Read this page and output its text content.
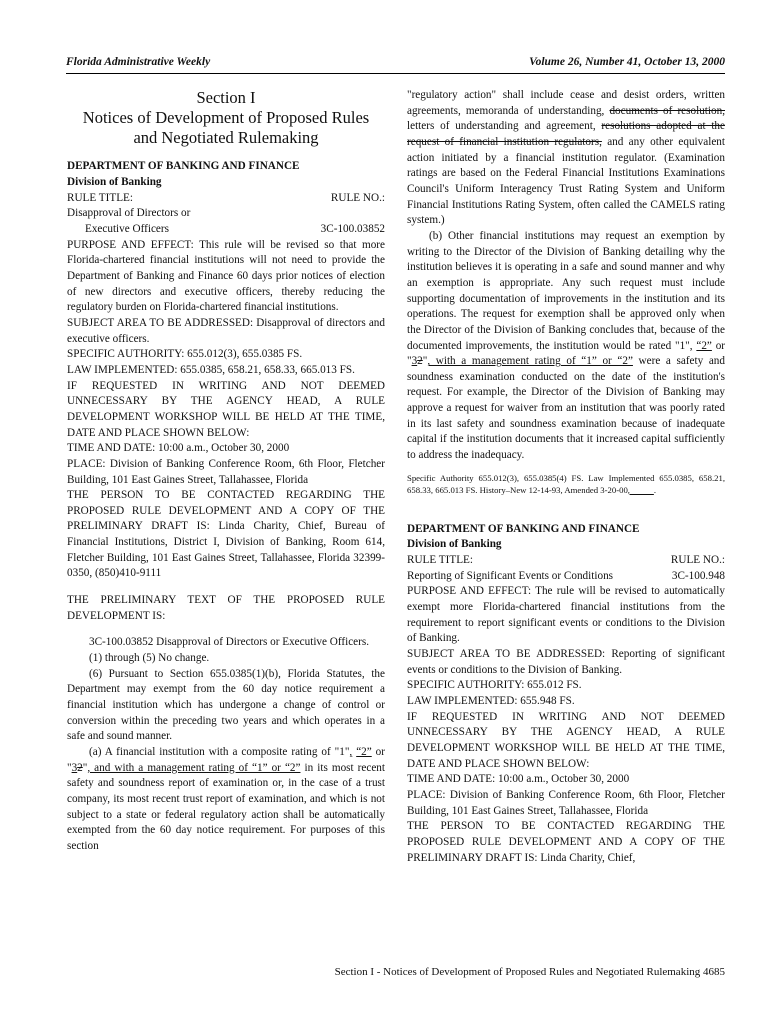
Florida Administrative Weekly	Volume 26, Number 41, October 13, 2000
Section I
Notices of Development of Proposed Rules
and Negotiated Rulemaking

DEPARTMENT OF BANKING AND FINANCE

Division of Banking

RULE TITLE:	RULE NO.:

Disapproval of Directors or

Executive Officers	3C-100.03852

PURPOSE AND EFFECT: This rule will be revised so that more Florida-chartered financial institutions will not need to provide the Department of Banking and Finance 60 days prior notices of election of new directors and executive officers, thereby reducing the regulatory burden on Florida-chartered financial institutions.

SUBJECT AREA TO BE ADDRESSED: Disapproval of directors and executive officers.

SPECIFIC AUTHORITY: 655.012(3), 655.0385 FS.

LAW IMPLEMENTED: 655.0385, 658.21, 658.33, 665.013 FS.

IF REQUESTED IN WRITING AND NOT DEEMED UNNECESSARY BY THE AGENCY HEAD, A RULE DEVELOPMENT WORKSHOP WILL BE HELD AT THE TIME, DATE AND PLACE SHOWN BELOW:

TIME AND DATE: 10:00 a.m., October 30, 2000

PLACE: Division of Banking Conference Room, 6th Floor, Fletcher Building, 101 East Gaines Street, Tallahassee, Florida

THE PERSON TO BE CONTACTED REGARDING THE PROPOSED RULE DEVELOPMENT AND A COPY OF THE PRELIMINARY DRAFT IS: Linda Charity, Chief, Bureau of Financial Institutions, District I, Division of Banking, Room 614, Fletcher Building, 101 East Gaines Street, Tallahassee, Florida 32399-0350, (850)410-9111

THE PRELIMINARY TEXT OF THE PROPOSED RULE DEVELOPMENT IS:

3C-100.03852 Disapproval of Directors or Executive Officers.

(1) through (5) No change.

(6) Pursuant to Section 655.0385(1)(b), Florida Statutes, the Department may exempt from the 60 day notice requirement a financial institution which has undergone a change of control or conversion within the preceding two years and which operates in a safe and sound manner.

(a) A financial institution with a composite rating of "1", “2” or "32", and with a management rating of “1” or “2” in its most recent safety and soundness report of examination or, in the case of a trust company, its most recent trust report of examination, and which is not subject to a state or federal regulatory action shall be automatically exempted from the 60 day notice requirement. For purposes of this section

"regulatory action" shall include cease and desist orders, written agreements, memoranda of understanding, documents of resolution, letters of understanding and agreement, resolutions adopted at the request of financial institution regulators, and any other equivalent action initiated by a financial institution regulator. (Examination ratings are based on the Federal Financial Institutions Examinations Council's Uniform Interagency Trust Rating System and Uniform Financial Institutions Rating System, often called the CAMELS rating system.)

(b) Other financial institutions may request an exemption by writing to the Director of the Division of Banking detailing why the institution believes it is operating in a safe and sound manner and why an exemption is appropriate. Any such request must include supporting documentation of improvements in the institution and its operations. The request for exemption shall be approved only when the Director of the Division of Banking concludes that, because of the documented improvements, the institution would be rated "1", “2” or "32", with a management rating of “1” or “2” were a safety and soundness examination conducted on the date of the institution's request. For example, the Director of the Division of Banking may approve a request for waiver from an institution that was poorly rated in its last safety and soundness examination because of inadequate capital if the institution documents that it increased capital sufficiently to address the inadequacy.

Specific Authority 655.012(3), 655.0385(4) FS. Law Implemented 655.0385, 658.21, 658.33, 665.013 FS. History–New 12-14-93, Amended 3-20-00,	.

DEPARTMENT OF BANKING AND FINANCE

Division of Banking

RULE TITLE:	RULE NO.:
Reporting of Significant Events or Conditions	3C-100.948

PURPOSE AND EFFECT: The rule will be revised to automatically exempt more Florida-chartered financial institutions from the requirement to report significant events or conditions to the Division of Banking.

SUBJECT AREA TO BE ADDRESSED: Reporting of significant events or conditions to the Division of Banking.

SPECIFIC AUTHORITY: 655.012 FS.

LAW IMPLEMENTED: 655.948 FS.

IF REQUESTED IN WRITING AND NOT DEEMED UNNECESSARY BY THE AGENCY HEAD, A RULE DEVELOPMENT WORKSHOP WILL BE HELD AT THE TIME, DATE AND PLACE SHOWN BELOW:

TIME AND DATE: 10:00 a.m., October 30, 2000

PLACE: Division of Banking Conference Room, 6th Floor, Fletcher Building, 101 East Gaines Street, Tallahassee, Florida

THE PERSON TO BE CONTACTED REGARDING THE PROPOSED RULE DEVELOPMENT AND A COPY OF THE PRELIMINARY DRAFT IS: Linda Charity, Chief,

Section I - Notices of Development of Proposed Rules and Negotiated Rulemaking 4685
